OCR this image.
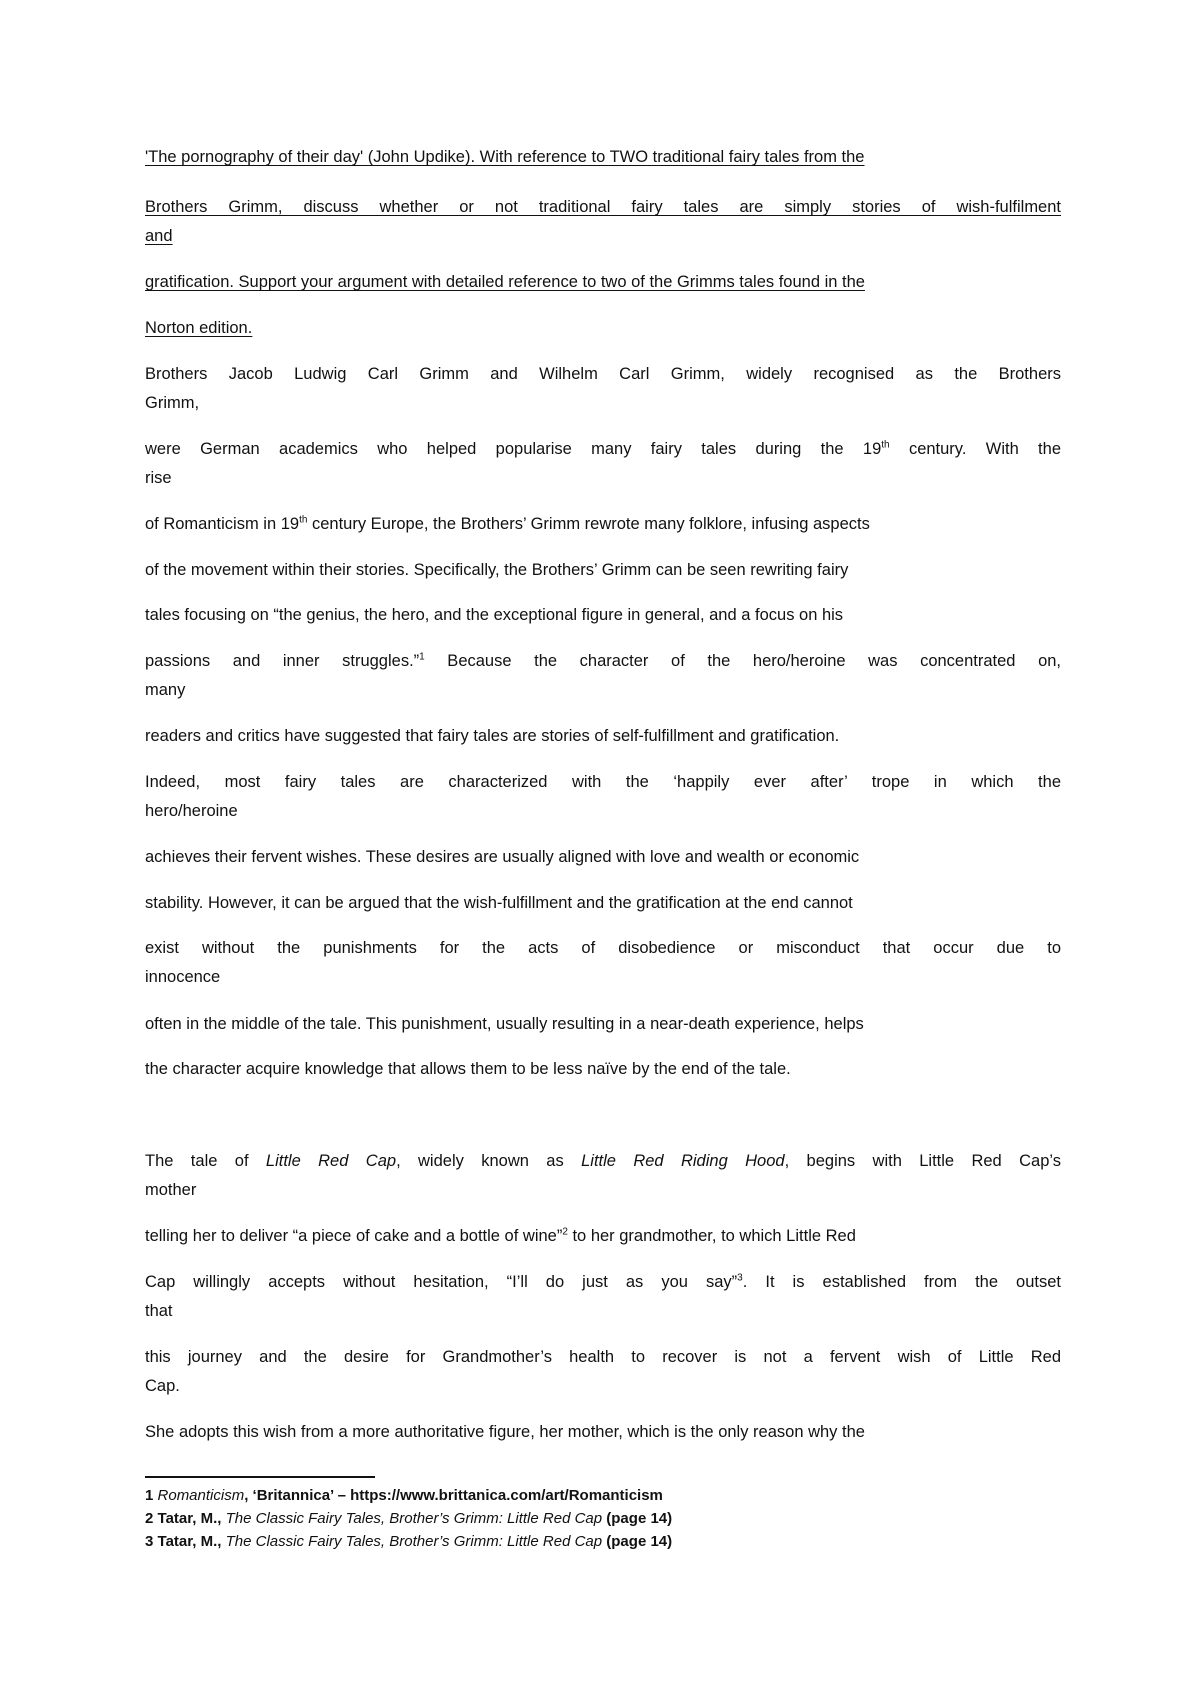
'The pornography of their day' (John Updike). With reference to TWO traditional fairy tales from the

Brothers Grimm, discuss whether or not traditional fairy tales are simply stories of wish-fulfilment

and

gratification. Support your argument with detailed reference to two of the Grimms tales found in the

Norton edition.

Brothers Jacob Ludwig Carl Grimm and Wilhelm Carl Grimm, widely recognised as the Brothers

Grimm,

were German academics who helped popularise many fairy tales during the 19th century. With the

rise

of Romanticism in 19th century Europe, the Brothers’ Grimm rewrote many folklore, infusing aspects

of the movement within their stories. Specifically, the Brothers’ Grimm can be seen rewriting fairy

tales focusing on “the genius, the hero, and the exceptional figure in general, and a focus on his

passions and inner struggles.”$^1$ Because the character of the hero/heroine was concentrated on,

many

readers and critics have suggested that fairy tales are stories of self-fulfillment and gratification.

Indeed, most fairy tales are characterized with the ‘happily ever after’ trope in which the

hero/heroine

achieves their fervent wishes. These desires are usually aligned with love and wealth or economic

stability. However, it can be argued that the wish-fulfillment and the gratification at the end cannot

exist without the punishments for the acts of disobedience or misconduct that occur due to

innocence

often in the middle of the tale. This punishment, usually resulting in a near-death experience, helps

the character acquire knowledge that allows them to be less naïve by the end of the tale.

The tale of Little Red Cap, widely known as Little Red Riding Hood, begins with Little Red Cap’s

mother

telling her to deliver “a piece of cake and a bottle of wine”$^2$ to her grandmother, to which Little Red

Cap willingly accepts without hesitation, “I’ll do just as you say”$^3$. It is established from the outset

that

this journey and the desire for Grandmother’s health to recover is not a fervent wish of Little Red

Cap.

She adopts this wish from a more authoritative figure, her mother, which is the only reason why the

1 Romanticism, ‘Britannica’ – https://www.brittanica.com/art/Romanticism
2 Tatar, M., The Classic Fairy Tales, Brother’s Grimm: Little Red Cap (page 14)
3 Tatar, M., The Classic Fairy Tales, Brother’s Grimm: Little Red Cap (page 14)
